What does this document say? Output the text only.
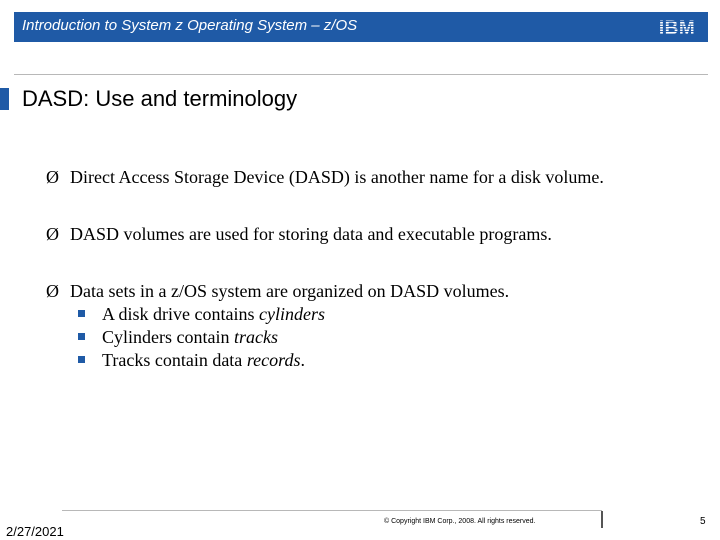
Introduction to System z Operating System – z/OS	IBM
DASD: Use and terminology
Ø Direct Access Storage Device (DASD) is another name for a disk volume.
Ø DASD volumes are used for storing data and executable programs.
Ø Data sets in a z/OS system are organized on DASD volumes.
A disk drive contains cylinders
Cylinders contain tracks
Tracks contain data records.
2/27/2021
© Copyright IBM Corp., 2008. All rights reserved.	5
